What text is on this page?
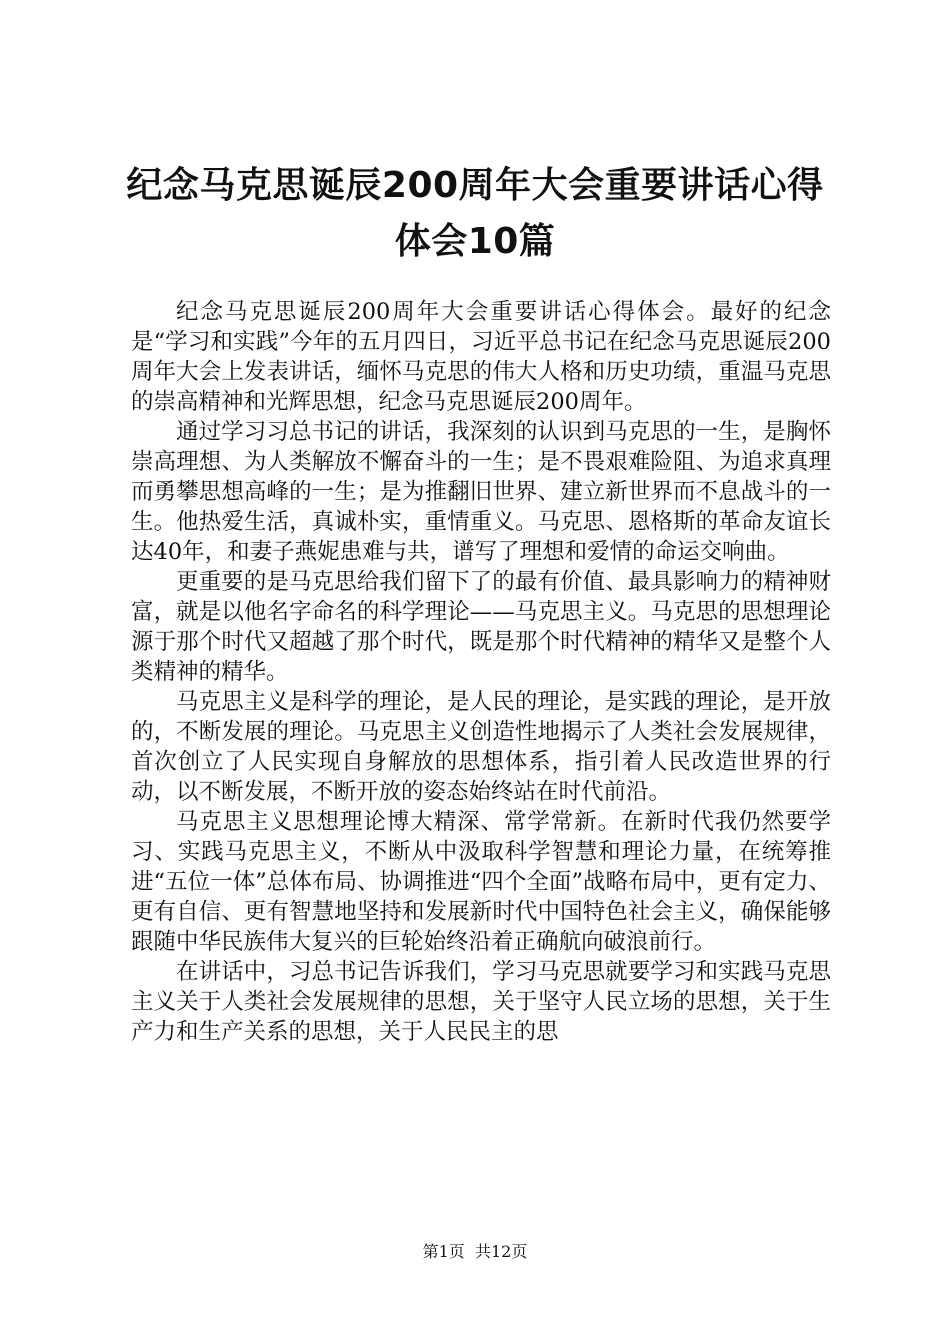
纪念马克思诞辰200周年大会重要讲话心得体会10篇

纪念马克思诞辰200周年大会重要讲话心得体会。最好的纪念是“学习和实践”今年的五月四日，习近平总书记在纪念马克思诞辰200周年大会上发表讲话，缅怀马克思的伟大人格和历史功绩，重温马克思的崇高精神和光辉思想，纪念马克思诞辰200周年。

通过学习习总书记的讲话，我深刻的认识到马克思的一生，是胸怀崇高理想、为人类解放不懈奋斗的一生；是不畏艰难险阻、为追求真理而勇攀思想高峰的一生；是为推翻旧世界、建立新世界而不息战斗的一生。他热爱生活，真诚朴实，重情重义。马克思、恩格斯的革命友谊长达40年，和妻子燕妮患难与共，谱写了理想和爱情的命运交响曲。

更重要的是马克思给我们留下了的最有价值、最具影响力的精神财富，就是以他名字命名的科学理论——马克思主义。马克思的思想理论源于那个时代又超越了那个时代，既是那个时代精神的精华又是整个人类精神的精华。

马克思主义是科学的理论，是人民的理论，是实践的理论，是开放的，不断发展的理论。马克思主义创造性地揭示了人类社会发展规律，首次创立了人民实现自身解放的思想体系，指引着人民改造世界的行动，以不断发展，不断开放的姿态始终站在时代前沿。

马克思主义思想理论博大精深、常学常新。在新时代我仍然要学习、实践马克思主义，不断从中汲取科学智慧和理论力量，在统筹推进“五位一体”总体布局、协调推进“四个全面”战略布局中，更有定力、更有自信、更有智慧地坚持和发展新时代中国特色社会主义，确保能够跟随中华民族伟大复兴的巨轮始终沿着正确航向破浪前行。

在讲话中，习总书记告诉我们，学习马克思就要学习和实践马克思主义关于人类社会发展规律的思想，关于坚守人民立场的思想，关于生产力和生产关系的思想，关于人民民主的思

第1页 共12页
